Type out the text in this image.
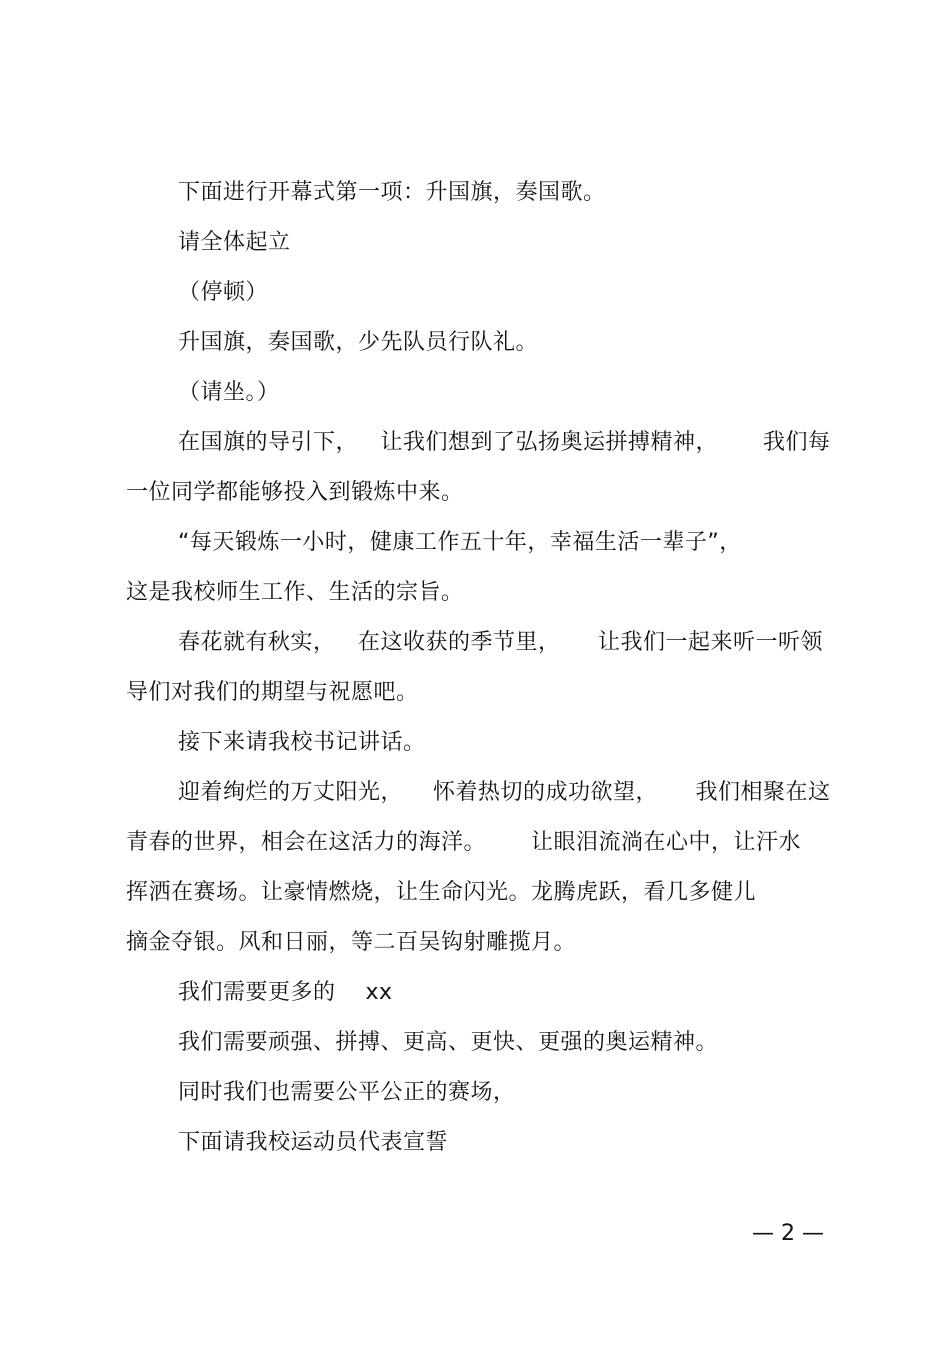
下面进行开幕式第一项：升国旗，奏国歌。
请全体起立
（停顿）
升国旗，奏国歌，少先队员行队礼。
（请坐。）
在国旗的导引下，   让我们想到了弘扬奥运拼搏精神，      我们每
一位同学都能够投入到锻炼中来。
“每天锻炼一小时，健康工作五十年，幸福生活一辈子”，
这是我校师生工作、生活的宗旨。
春花就有秋实，   在这收获的季节里，     让我们一起来听一听领
导们对我们的期望与祝愿吧。
接下来请我校书记讲话。
迎着绚烂的万丈阳光，    怀着热切的成功欲望，     我们相聚在这
青春的世界，相会在这活力的海洋。      让眼泪流淌在心中，让汗水
挥洒在赛场。让豪情燃烧，让生命闪光。龙腾虎跃，看几多健儿
摘金夺银。风和日丽，等二百吴钩射雕揽月。
我们需要更多的    xx
我们需要顽强、拼搏、更高、更快、更强的奥运精神。
同时我们也需要公平公正的赛场，
下面请我校运动员代表宣誓
— 2 —
